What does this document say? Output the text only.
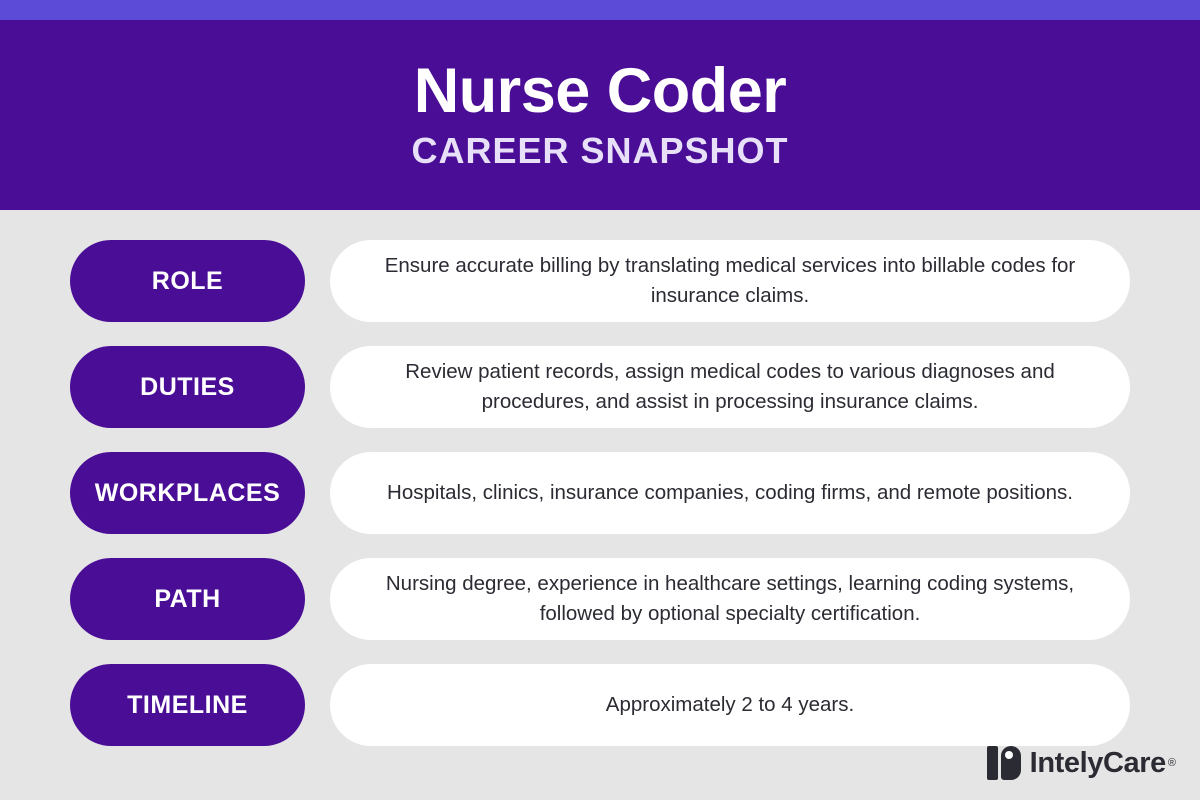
Nurse Coder
CAREER SNAPSHOT
ROLE
Ensure accurate billing by translating medical services into billable codes for insurance claims.
DUTIES
Review patient records, assign medical codes to various diagnoses and procedures, and assist in processing insurance claims.
WORKPLACES	Hospitals, clinics, insurance companies, coding firms, and remote positions.
PATH
Nursing degree, experience in healthcare settings, learning coding systems, followed by optional specialty certification.
TIMELINE	Approximately 2 to 4 years.
IntelyCare ®
